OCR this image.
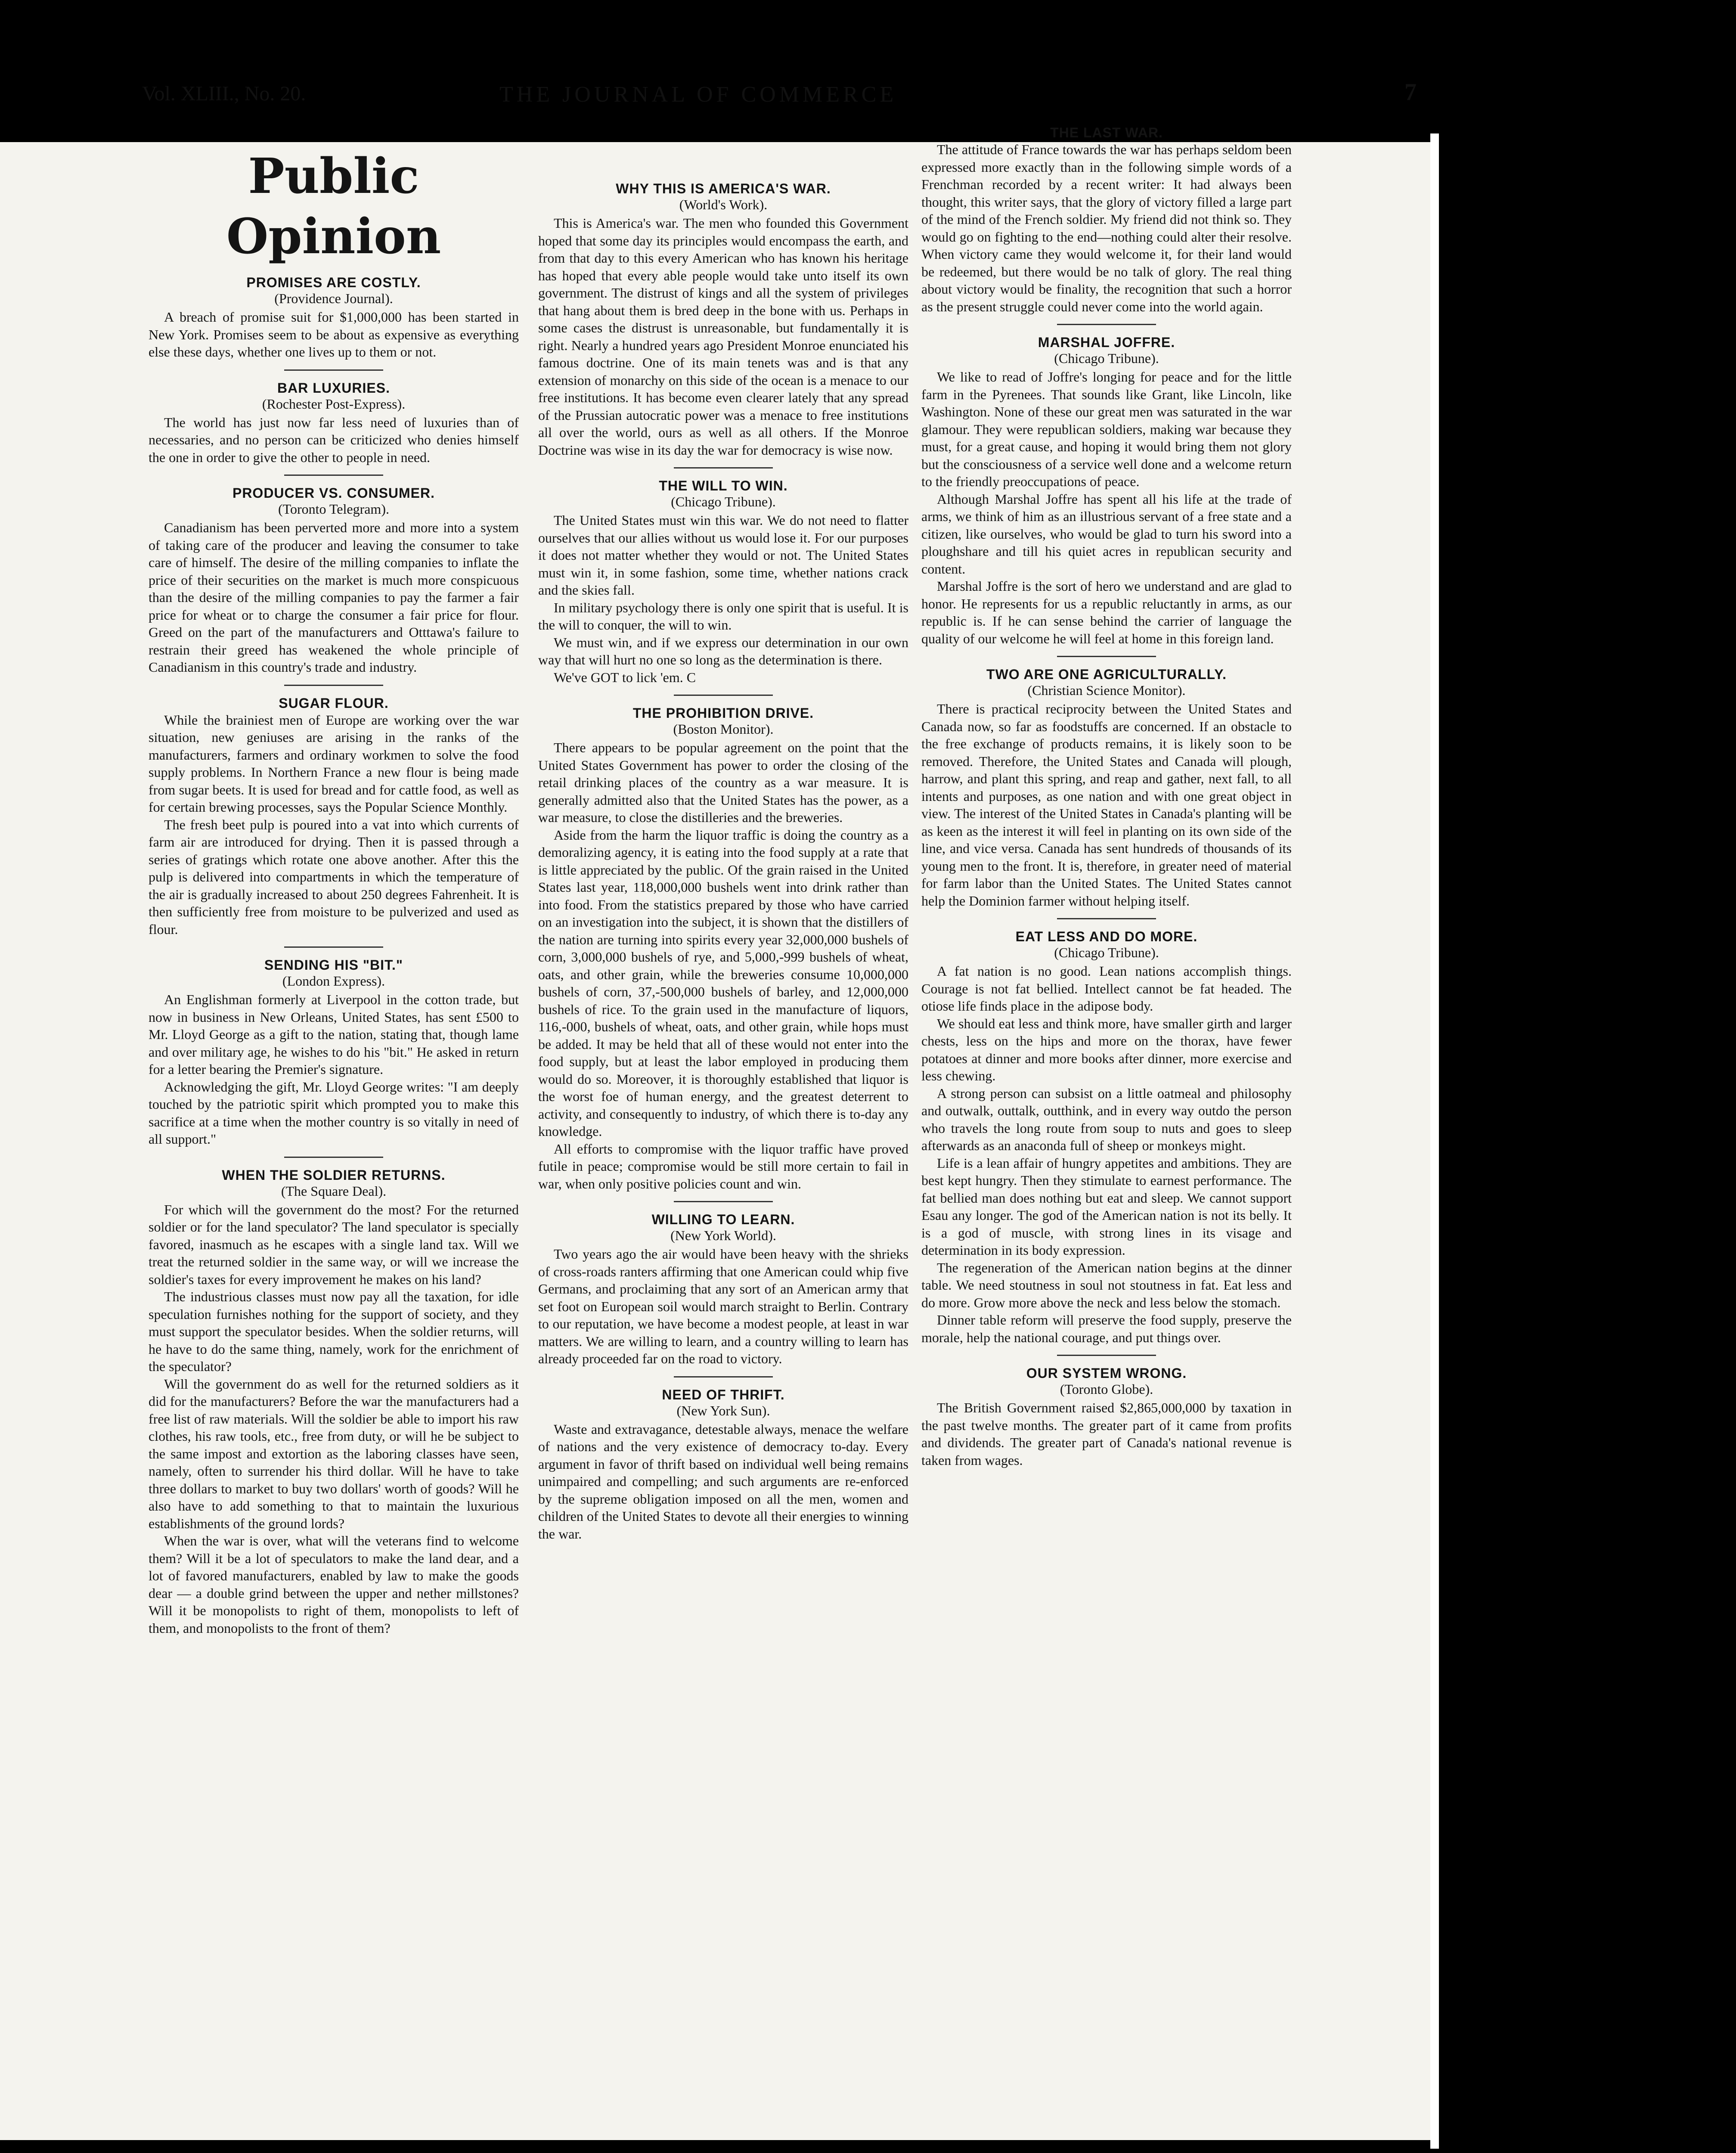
Vol. XLIII., No. 20.	THE JOURNAL OF COMMERCE	7
Public Opinion
PROMISES ARE COSTLY.
(Providence Journal).

A breach of promise suit for $1,000,000 has been started in New York. Promises seem to be about as expensive as everything else these days, whether one lives up to them or not.

BAR LUXURIES.
(Rochester Post-Express).

The world has just now far less need of luxuries than of necessaries, and no person can be criticized who denies himself the one in order to give the other to people in need.

PRODUCER VS. CONSUMER.
(Toronto Telegram).

Canadianism has been perverted more and more into a system of taking care of the producer and leaving the consumer to take care of himself. The desire of the milling companies to inflate the price of their securities on the market is much more conspicuous than the desire of the milling companies to pay the farmer a fair price for wheat or to charge the consumer a fair price for flour. Greed on the part of the manufacturers and Otttawa's failure to restrain their greed has weakened the whole principle of Canadianism in this country's trade and industry.

SUGAR FLOUR.

While the brainiest men of Europe are working over the war situation, new geniuses are arising in the ranks of the manufacturers, farmers and ordinary workmen to solve the food supply problems. In Northern France a new flour is being made from sugar beets. It is used for bread and for cattle food, as well as for certain brewing processes, says the Popular Science Monthly.

The fresh beet pulp is poured into a vat into which currents of farm air are introduced for drying. Then it is passed through a series of gratings which rotate one above another. After this the pulp is delivered into compartments in which the temperature of the air is gradually increased to about 250 degrees Fahrenheit. It is then sufficiently free from moisture to be pulverized and used as flour.

SENDING HIS "BIT."
(London Express).

An Englishman formerly at Liverpool in the cotton trade, but now in business in New Orleans, United States, has sent £500 to Mr. Lloyd George as a gift to the nation, stating that, though lame and over military age, he wishes to do his "bit." He asked in return for a letter bearing the Premier's signature.

Acknowledging the gift, Mr. Lloyd George writes: "I am deeply touched by the patriotic spirit which prompted you to make this sacrifice at a time when the mother country is so vitally in need of all support."

WHEN THE SOLDIER RETURNS.
(The Square Deal).

For which will the government do the most? For the returned soldier or for the land speculator? The land speculator is specially favored, inasmuch as he escapes with a single land tax. Will we treat the returned soldier in the same way, or will we increase the soldier's taxes for every improvement he makes on his land?

The industrious classes must now pay all the taxation, for idle speculation furnishes nothing for the support of society, and they must support the speculator besides. When the soldier returns, will he have to do the same thing, namely, work for the enrichment of the speculator?

Will the government do as well for the returned soldiers as it did for the manufacturers? Before the war the manufacturers had a free list of raw materials. Will the soldier be able to import his raw clothes, his raw tools, etc., free from duty, or will he be subject to the same impost and extortion as the laboring classes have seen, namely, often to surrender his third dollar. Will he have to take three dollars to market to buy two dollars' worth of goods? Will he also have to add something to that to maintain the luxurious establishments of the ground lords?

When the war is over, what will the veterans find to welcome them? Will it be a lot of speculators to make the land dear, and a lot of favored manufacturers, enabled by law to make the goods dear — a double grind between the upper and nether millstones? Will it be monopolists to right of them, monopolists to left of them, and monopolists to the front of them?

WHY THIS IS AMERICA'S WAR.
(World's Work).

This is America's war. The men who founded this Government hoped that some day its principles would encompass the earth, and from that day to this every American who has known his heritage has hoped that every able people would take unto itself its own government. The distrust of kings and all the system of privileges that hang about them is bred deep in the bone with us. Perhaps in some cases the distrust is unreasonable, but fundamentally it is right. Nearly a hundred years ago President Monroe enunciated his famous doctrine. One of its main tenets was and is that any extension of monarchy on this side of the ocean is a menace to our free institutions. It has become even clearer lately that any spread of the Prussian autocratic power was a menace to free institutions all over the world, ours as well as all others. If the Monroe Doctrine was wise in its day the war for democracy is wise now.

THE WILL TO WIN.
(Chicago Tribune).

The United States must win this war. We do not need to flatter ourselves that our allies without us would lose it. For our purposes it does not matter whether they would or not. The United States must win it, in some fashion, some time, whether nations crack and the skies fall.

In military psychology there is only one spirit that is useful. It is the will to conquer, the will to win.

We must win, and if we express our determination in our own way that will hurt no one so long as the determination is there.

We've GOT to lick 'em. C

THE PROHIBITION DRIVE.
(Boston Monitor).

There appears to be popular agreement on the point that the United States Government has power to order the closing of the retail drinking places of the country as a war measure. It is generally admitted also that the United States has the power, as a war measure, to close the distilleries and the breweries.

Aside from the harm the liquor traffic is doing the country as a demoralizing agency, it is eating into the food supply at a rate that is little appreciated by the public. Of the grain raised in the United States last year, 118,000,000 bushels went into drink rather than into food. From the statistics prepared by those who have carried on an investigation into the subject, it is shown that the distillers of the nation are turning into spirits every year 32,000,000 bushels of corn, 3,000,000 bushels of rye, and 5,000,-999 bushels of wheat, oats, and other grain, while the breweries consume 10,000,000 bushels of corn, 37,-500,000 bushels of barley, and 12,000,000 bushels of rice. To the grain used in the manufacture of liquors, 116,-000, bushels of wheat, oats, and other grain, while hops must be added. It may be held that all of these would not enter into the food supply, but at least the labor employed in producing them would do so. Moreover, it is thoroughly established that liquor is the worst foe of human energy, and the greatest deterrent to activity, and consequently to industry, of which there is to-day any knowledge.

All efforts to compromise with the liquor traffic have proved futile in peace; compromise would be still more certain to fail in war, when only positive policies count and win.

WILLING TO LEARN.
(New York World).

Two years ago the air would have been heavy with the shrieks of cross-roads ranters affirming that one American could whip five Germans, and proclaiming that any sort of an American army that set foot on European soil would march straight to Berlin. Contrary to our reputation, we have become a modest people, at least in war matters. We are willing to learn, and a country willing to learn has already proceeded far on the road to victory.

NEED OF THRIFT.
(New York Sun).

Waste and extravagance, detestable always, menace the welfare of nations and the very existence of democracy to-day. Every argument in favor of thrift based on individual well being remains unimpaired and compelling; and such arguments are re-enforced by the supreme obligation imposed on all the men, women and children of the United States to devote all their energies to winning the war.

THE LAST WAR.

The attitude of France towards the war has perhaps seldom been expressed more exactly than in the following simple words of a Frenchman recorded by a recent writer: It had always been thought, this writer says, that the glory of victory filled a large part of the mind of the French soldier. My friend did not think so. They would go on fighting to the end—nothing could alter their resolve. When victory came they would welcome it, for their land would be redeemed, but there would be no talk of glory. The real thing about victory would be finality, the recognition that such a horror as the present struggle could never come into the world again.

MARSHAL JOFFRE.
(Chicago Tribune).

We like to read of Joffre's longing for peace and for the little farm in the Pyrenees. That sounds like Grant, like Lincoln, like Washington. None of these our great men was saturated in the war glamour. They were republican soldiers, making war because they must, for a great cause, and hoping it would bring them not glory but the consciousness of a service well done and a welcome return to the friendly preoccupations of peace.

Although Marshal Joffre has spent all his life at the trade of arms, we think of him as an illustrious servant of a free state and a citizen, like ourselves, who would be glad to turn his sword into a ploughshare and till his quiet acres in republican security and content.

Marshal Joffre is the sort of hero we understand and are glad to honor. He represents for us a republic reluctantly in arms, as our republic is. If he can sense behind the carrier of language the quality of our welcome he will feel at home in this foreign land.

TWO ARE ONE AGRICULTURALLY.
(Christian Science Monitor).

There is practical reciprocity between the United States and Canada now, so far as foodstuffs are concerned. If an obstacle to the free exchange of products remains, it is likely soon to be removed. Therefore, the United States and Canada will plough, harrow, and plant this spring, and reap and gather, next fall, to all intents and purposes, as one nation and with one great object in view. The interest of the United States in Canada's planting will be as keen as the interest it will feel in planting on its own side of the line, and vice versa. Canada has sent hundreds of thousands of its young men to the front. It is, therefore, in greater need of material for farm labor than the United States. The United States cannot help the Dominion farmer without helping itself.

EAT LESS AND DO MORE.
(Chicago Tribune).

A fat nation is no good. Lean nations accomplish things. Courage is not fat bellied. Intellect cannot be fat headed. The otiose life finds place in the adipose body.

We should eat less and think more, have smaller girth and larger chests, less on the hips and more on the thorax, have fewer potatoes at dinner and more books after dinner, more exercise and less chewing.

A strong person can subsist on a little oatmeal and philosophy and outwalk, outtalk, outthink, and in every way outdo the person who travels the long route from soup to nuts and goes to sleep afterwards as an anaconda full of sheep or monkeys might.

Life is a lean affair of hungry appetites and ambitions. They are best kept hungry. Then they stimulate to earnest performance. The fat bellied man does nothing but eat and sleep. We cannot support Esau any longer. The god of the American nation is not its belly. It is a god of muscle, with strong lines in its visage and determination in its body expression.

The regeneration of the American nation begins at the dinner table. We need stoutness in soul not stoutness in fat. Eat less and do more. Grow more above the neck and less below the stomach.

Dinner table reform will preserve the food supply, preserve the morale, help the national courage, and put things over.

OUR SYSTEM WRONG.
(Toronto Globe).

The British Government raised $2,865,000,000 by taxation in the past twelve months. The greater part of it came from profits and dividends. The greater part of Canada's national revenue is taken from wages.
